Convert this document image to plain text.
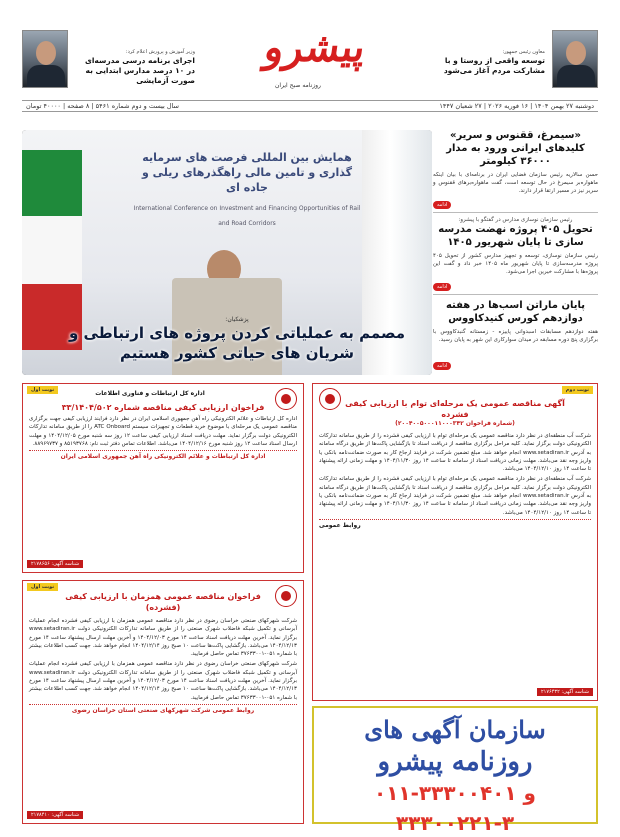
معاون رئیس جمهور:
توسعه واقعی از روستا و با مشارکت مردم آغاز می‌شود
پیشرو
روزنامه صبح ایران
وزیر آموزش و پرورش اعلام کرد:
اجرای برنامه درسی مدرسه‌ای در ۱۰ درصد مدارس ابتدایی به صورت آزمایشی
دوشنبه ۲۷ بهمن ۱۴۰۴ | ۱۶ فوریه ۲۰۲۶ | ۲۷ شعبان ۱۴۴۷
سال بیست و دوم شماره ۵۴۶۱ | ۸ صفحه | ۴۰۰۰۰ تومان
همایش بین المللی فرصت های سرمایه گذاری و تامین مالی راهگذرهای ریلی و جاده ای
International Conference on Investment and Financing Opportunities of Rail and Road Corridors
پزشکیان:
مصمم به عملیاتی کردن پروژه های ارتباطی و شریان های حیاتی کشور هستیم
«سیمرغ، ققنوس و سریر» کلیدهای ایرانی ورود به مدار ۳۶۰۰۰ کیلومتر
حسن سالاریه رئیس سازمان فضایی ایران در برنامه‌ای با بیان اینکه ماهواره‌بر سیمرغ در حال توسعه است، گفت ماهواره‌برهای ققنوس و سریر نیز در مسیر ارتقا قرار دارند.
ادامه
رئیس سازمان نوسازی مدارس در گفتگو با پیشرو:
تحویل ۴۰۵ پروژه نهضت مدرسه سازی تا پایان شهریور ۱۴۰۵
رئیس سازمان نوسازی، توسعه و تجهیز مدارس کشور از تحویل ۴۰۵ پروژه مدرسه‌سازی تا پایان شهریور ماه ۱۴۰۵ خبر داد و گفت این پروژه‌ها با مشارکت خیرین اجرا می‌شود.
ادامه
پایان ماراتن اسب‌ها در هفته دوازدهم کورس کنیدکاووس
هفته دوازدهم مسابقات اسبدوانی پاییزه - زمستانه گنبدکاووس با برگزاری پنج دوره مسابقه در میدان سوارکاری این شهر به پایان رسید.
ادامه
نوبت اول	اداره کل ارتباطات و فناوری اطلاعات
فراخوان ارزیابی کیفی مناقصه شماره ۳۳/۱۴۰۴/۵۰۲
اداره کل ارتباطات و علائم الکترونیکی راه آهن جمهوری اسلامی ایران در نظر دارد فرایند ارزیابی کیفی جهت برگزاری مناقصه عمومی یک مرحله‌ای با موضوع خرید قطعات و تجهیزات سیستم ATC Onboard را از طریق سامانه تدارکات الکترونیکی دولت برگزار نماید. مهلت دریافت اسناد ارزیابی کیفی ساعت ۱۲ روز سه شنبه مورخ ۱۴۰۴/۱۲/۰۵ و مهلت ارسال اسناد ساعت ۱۲ روز شنبه مورخ ۱۴۰۴/۱۲/۱۶ می‌باشد. اطلاعات تماس دفتر ثبت نام: ۸۵۱۹۳۷۶۸ و ۸۸۹۶۹۷۳۷.
اداره کل ارتباطات و علائم الکترونیکی راه آهن جمهوری اسلامی ایران
شناسه آگهی: ۲۱۷۸۶۵۶
نوبت دوم
آگهی مناقصه عمومی یک مرحله‌ای توام با ارزیابی کیفی فشرده
(شماره فراخوان ۲۰۰۴۰۰۵۰۰۰۱۱۰۰۰۳۴۲)
شرکت آب منطقه‌ای در نظر دارد مناقصه عمومی یک مرحله‌ای توام با ارزیابی کیفی فشرده را از طریق سامانه تدارکات الکترونیکی دولت برگزار نماید. کلیه مراحل برگزاری مناقصه از دریافت اسناد تا بازگشایی پاکت‌ها از طریق درگاه سامانه به آدرس www.setadiran.ir انجام خواهد شد. مبلغ تضمین شرکت در فرایند ارجاع کار به صورت ضمانت‌نامه بانکی یا واریز وجه نقد می‌باشد. مهلت زمانی دریافت اسناد از سامانه تا ساعت ۱۴ روز ۱۴۰۴/۱۱/۳۰ و مهلت زمانی ارائه پیشنهاد تا ساعت ۱۴ روز ۱۴۰۴/۱۲/۱۰ می‌باشد.
شرکت آب منطقه‌ای در نظر دارد مناقصه عمومی یک مرحله‌ای توام با ارزیابی کیفی فشرده را از طریق سامانه تدارکات الکترونیکی دولت برگزار نماید. کلیه مراحل برگزاری مناقصه از دریافت اسناد تا بازگشایی پاکت‌ها از طریق درگاه سامانه به آدرس www.setadiran.ir انجام خواهد شد. مبلغ تضمین شرکت در فرایند ارجاع کار به صورت ضمانت‌نامه بانکی یا واریز وجه نقد می‌باشد. مهلت زمانی دریافت اسناد از سامانه تا ساعت ۱۴ روز ۱۴۰۴/۱۱/۳۰ و مهلت زمانی ارائه پیشنهاد تا ساعت ۱۴ روز ۱۴۰۴/۱۲/۱۰ می‌باشد.
روابط عمومی
شناسه آگهی: ۲۱۷۶۴۳۲
نوبت اول
فراخوان مناقصه عمومی همزمان با ارزیابی کیفی (فشرده)
شرکت شهرکهای صنعتی خراسان رضوی در نظر دارد مناقصه عمومی همزمان با ارزیابی کیفی فشرده انجام عملیات آبرسانی و تکمیل شبکه فاضلاب شهرک صنعتی را از طریق سامانه تدارکات الکترونیکی دولت www.setadiran.ir برگزار نماید. آخرین مهلت دریافت اسناد ساعت ۱۴ مورخ ۱۴۰۴/۱۲/۰۳ و آخرین مهلت ارسال پیشنهاد ساعت ۱۴ مورخ ۱۴۰۴/۱۲/۱۳ می‌باشد. بازگشایی پاکت‌ها ساعت ۱۰ صبح روز ۱۴۰۴/۱۲/۱۴ انجام خواهد شد. جهت کسب اطلاعات بیشتر با شماره ۰۵۱-۳۷۶۳۳۰۰۱ تماس حاصل فرمایید.
شرکت شهرکهای صنعتی خراسان رضوی در نظر دارد مناقصه عمومی همزمان با ارزیابی کیفی فشرده انجام عملیات آبرسانی و تکمیل شبکه فاضلاب شهرک صنعتی را از طریق سامانه تدارکات الکترونیکی دولت www.setadiran.ir برگزار نماید. آخرین مهلت دریافت اسناد ساعت ۱۴ مورخ ۱۴۰۴/۱۲/۰۳ و آخرین مهلت ارسال پیشنهاد ساعت ۱۴ مورخ ۱۴۰۴/۱۲/۱۳ می‌باشد. بازگشایی پاکت‌ها ساعت ۱۰ صبح روز ۱۴۰۴/۱۲/۱۴ انجام خواهد شد. جهت کسب اطلاعات بیشتر با شماره ۰۵۱-۳۷۶۳۳۰۰۱ تماس حاصل فرمایید.
روابط عمومی شرکت شهرکهای صنعتی استان خراسان رضوی
شناسه آگهی: ۲۱۷۸۴۱۰
سازمان آگهی های
روزنامه پیشرو
۰۱۱-۳۳۳۰۰۴۰۱ و ۳-۳۳۳۰۰۲۲۱
